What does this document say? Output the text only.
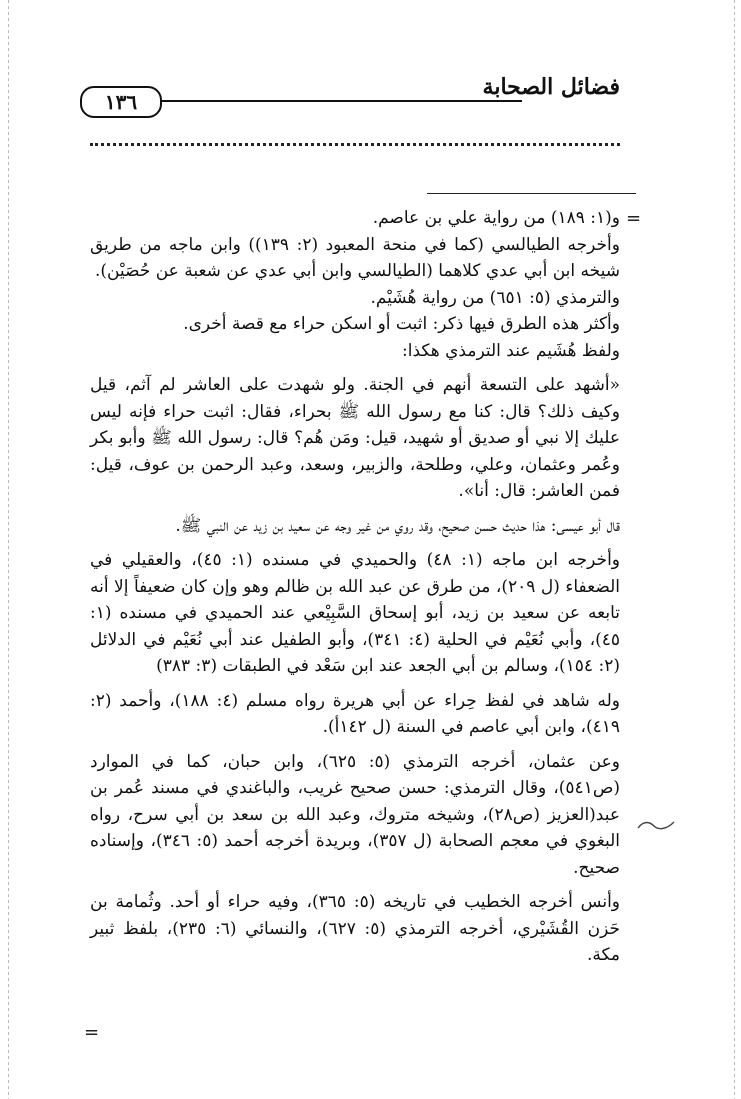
فضائل الصحابة
١٣٦
=
=

و(١: ١٨٩) من رواية علي بن عاصم.

وأخرجه الطيالسي (كما في منحة المعبود (٢: ١٣٩)) وابن ماجه من طريق شيخه ابن أبي عدي كلاهما (الطيالسي وابن أبي عدي عن شعبة عن حُصَيْن).

والترمذي (٥: ٦٥١) من رواية هُشَيْم.

وأكثر هذه الطرق فيها ذكر: اثبت أو اسكن حراء مع قصة أخرى.

ولفظ هُشَيم عند الترمذي هكذا:

«أشهد على التسعة أنهم في الجنة. ولو شهدت على العاشر لم آثم، قيل وكيف ذلك؟ قال: كنا مع رسول الله ﷺ بحراء، فقال: اثبت حراء فإنه ليس عليك إلا نبي أو صديق أو شهيد، قيل: ومَن هُم؟ قال: رسول الله ﷺ وأبو بكر وعُمر وعثمان، وعلي، وطلحة، والزبير، وسعد، وعبد الرحمن بن عوف، قيل: فمن العاشر: قال: أنا».

قال أبو عيسى: هذا حديث حسن صحيح، وقد روي من غير وجه عن سعيد بن زيد عن النبي ﷺ.

وأخرجه ابن ماجه (١: ٤٨) والحميدي في مسنده (١: ٤٥)، والعقيلي في الضعفاء (ل ٢٠٩)، من طرق عن عبد الله بن ظالم وهو وإن كان ضعيفاً إلا أنه تابعه عن سعيد بن زيد، أبو إسحاق السَّبِيْعي عند الحميدي في مسنده (١: ٤٥)، وأبي نُعَيْم في الحلية (٤: ٣٤١)، وأبو الطفيل عند أبي نُعَيْم في الدلائل (٢: ١٥٤)، وسالم بن أبي الجعد عند ابن سَعْد في الطبقات (٣: ٣٨٣)

وله شاهد في لفظ حِراء عن أبي هريرة رواه مسلم (٤: ١٨٨)، وأحمد (٢: ٤١٩)، وابن أبي عاصم في السنة (ل ١٤٢أ).

وعن عثمان، أخرجه الترمذي (٥: ٦٢٥)، وابن حبان، كما في الموارد (ص٥٤١)، وقال الترمذي: حسن صحيح غريب، والباغندي في مسند عُمر بن عبد(العزيز (ص٢٨)، وشيخه متروك، وعبد الله بن سعد بن أبي سرح، رواه البغوي في معجم الصحابة (ل ٣٥٧)، وبريدة أخرجه أحمد (٥: ٣٤٦)، وإسناده صحيح.

وأنس أخرجه الخطيب في تاريخه (٥: ٣٦٥)، وفيه حراء أو أحد. وثُمامة بن حَزن القُشَيْري، أخرجه الترمذي (٥: ٦٢٧)، والنسائي (٦: ٢٣٥)، بلفظ ثبير مكة.
